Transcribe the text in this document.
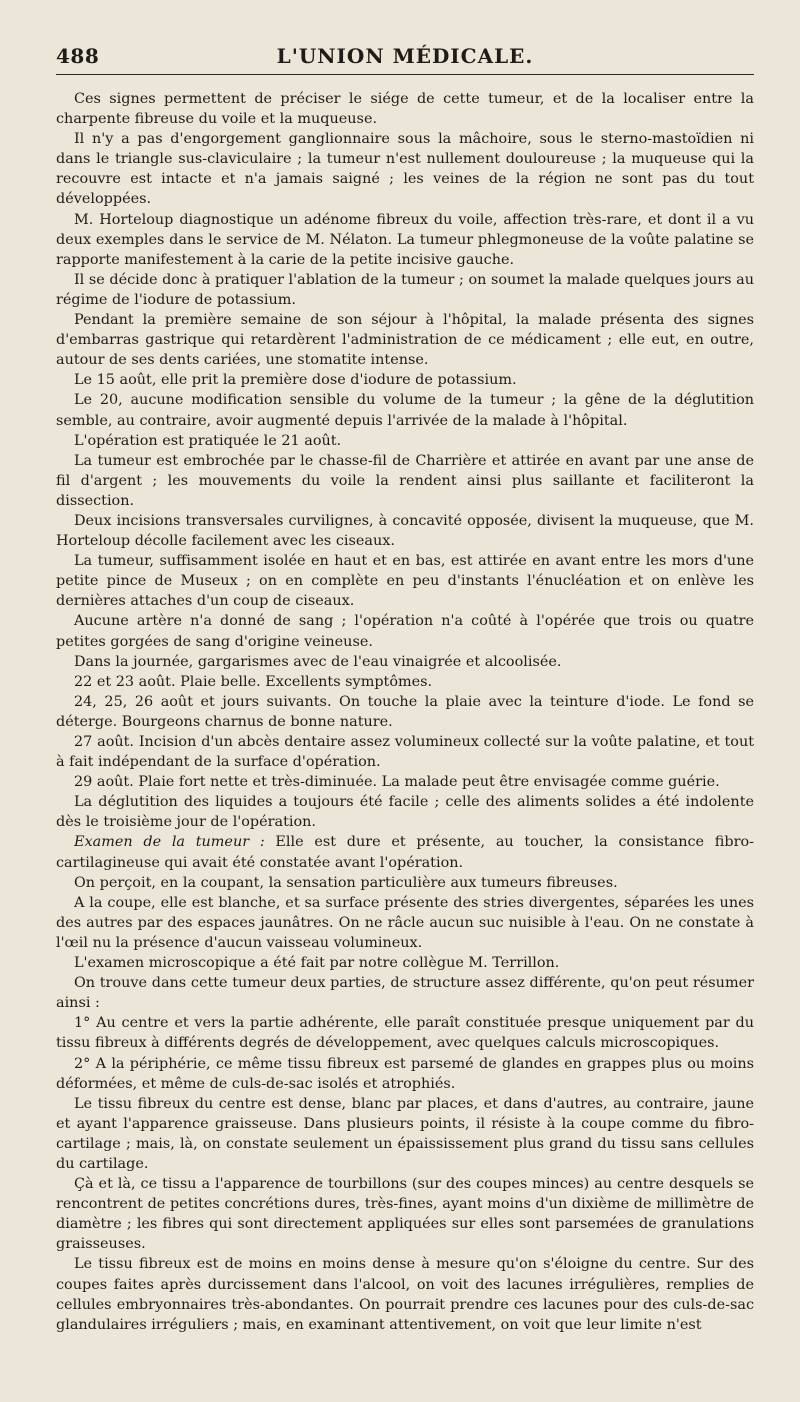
488	L'UNION MÉDICALE.

Ces signes permettent de préciser le siége de cette tumeur, et de la localiser entre la charpente fibreuse du voile et la muqueuse.

Il n'y a pas d'engorgement ganglionnaire sous la mâchoire, sous le sterno-mastoïdien ni dans le triangle sus-claviculaire ; la tumeur n'est nullement douloureuse ; la muqueuse qui la recouvre est intacte et n'a jamais saigné ; les veines de la région ne sont pas du tout développées.

M. Horteloup diagnostique un adénome fibreux du voile, affection très-rare, et dont il a vu deux exemples dans le service de M. Nélaton. La tumeur phlegmoneuse de la voûte palatine se rapporte manifestement à la carie de la petite incisive gauche.

Il se décide donc à pratiquer l'ablation de la tumeur ; on soumet la malade quelques jours au régime de l'iodure de potassium.

Pendant la première semaine de son séjour à l'hôpital, la malade présenta des signes d'embarras gastrique qui retardèrent l'administration de ce médicament ; elle eut, en outre, autour de ses dents cariées, une stomatite intense.

Le 15 août, elle prit la première dose d'iodure de potassium.

Le 20, aucune modification sensible du volume de la tumeur ; la gêne de la déglutition semble, au contraire, avoir augmenté depuis l'arrivée de la malade à l'hôpital.

L'opération est pratiquée le 21 août.

La tumeur est embrochée par le chasse-fil de Charrière et attirée en avant par une anse de fil d'argent ; les mouvements du voile la rendent ainsi plus saillante et faciliteront la dissection.

Deux incisions transversales curvilignes, à concavité opposée, divisent la muqueuse, que M. Horteloup décolle facilement avec les ciseaux.

La tumeur, suffisamment isolée en haut et en bas, est attirée en avant entre les mors d'une petite pince de Museux ; on en complète en peu d'instants l'énucléation et on enlève les dernières attaches d'un coup de ciseaux.

Aucune artère n'a donné de sang ; l'opération n'a coûté à l'opérée que trois ou quatre petites gorgées de sang d'origine veineuse.

Dans la journée, gargarismes avec de l'eau vinaigrée et alcoolisée.

22 et 23 août. Plaie belle. Excellents symptômes.

24, 25, 26 août et jours suivants. On touche la plaie avec la teinture d'iode. Le fond se déterge. Bourgeons charnus de bonne nature.

27 août. Incision d'un abcès dentaire assez volumineux collecté sur la voûte palatine, et tout à fait indépendant de la surface d'opération.

29 août. Plaie fort nette et très-diminuée. La malade peut être envisagée comme guérie.

La déglutition des liquides a toujours été facile ; celle des aliments solides a été indolente dès le troisième jour de l'opération.

Examen de la tumeur : Elle est dure et présente, au toucher, la consistance fibro-cartilagineuse qui avait été constatée avant l'opération.

On perçoit, en la coupant, la sensation particulière aux tumeurs fibreuses.

A la coupe, elle est blanche, et sa surface présente des stries divergentes, séparées les unes des autres par des espaces jaunâtres. On ne râcle aucun suc nuisible à l'eau. On ne constate à l'œil nu la présence d'aucun vaisseau volumineux.

L'examen microscopique a été fait par notre collègue M. Terrillon.

On trouve dans cette tumeur deux parties, de structure assez différente, qu'on peut résumer ainsi :

1° Au centre et vers la partie adhérente, elle paraît constituée presque uniquement par du tissu fibreux à différents degrés de développement, avec quelques calculs microscopiques.

2° A la périphérie, ce même tissu fibreux est parsemé de glandes en grappes plus ou moins déformées, et même de culs-de-sac isolés et atrophiés.

Le tissu fibreux du centre est dense, blanc par places, et dans d'autres, au contraire, jaune et ayant l'apparence graisseuse. Dans plusieurs points, il résiste à la coupe comme du fibro-cartilage ; mais, là, on constate seulement un épaississement plus grand du tissu sans cellules du cartilage.

Çà et là, ce tissu a l'apparence de tourbillons (sur des coupes minces) au centre desquels se rencontrent de petites concrétions dures, très-fines, ayant moins d'un dixième de millimètre de diamètre ; les fibres qui sont directement appliquées sur elles sont parsemées de granulations graisseuses.

Le tissu fibreux est de moins en moins dense à mesure qu'on s'éloigne du centre. Sur des coupes faites après durcissement dans l'alcool, on voit des lacunes irrégulières, remplies de cellules embryonnaires très-abondantes. On pourrait prendre ces lacunes pour des culs-de-sac glandulaires irréguliers ; mais, en examinant attentivement, on voit que leur limite n'est
